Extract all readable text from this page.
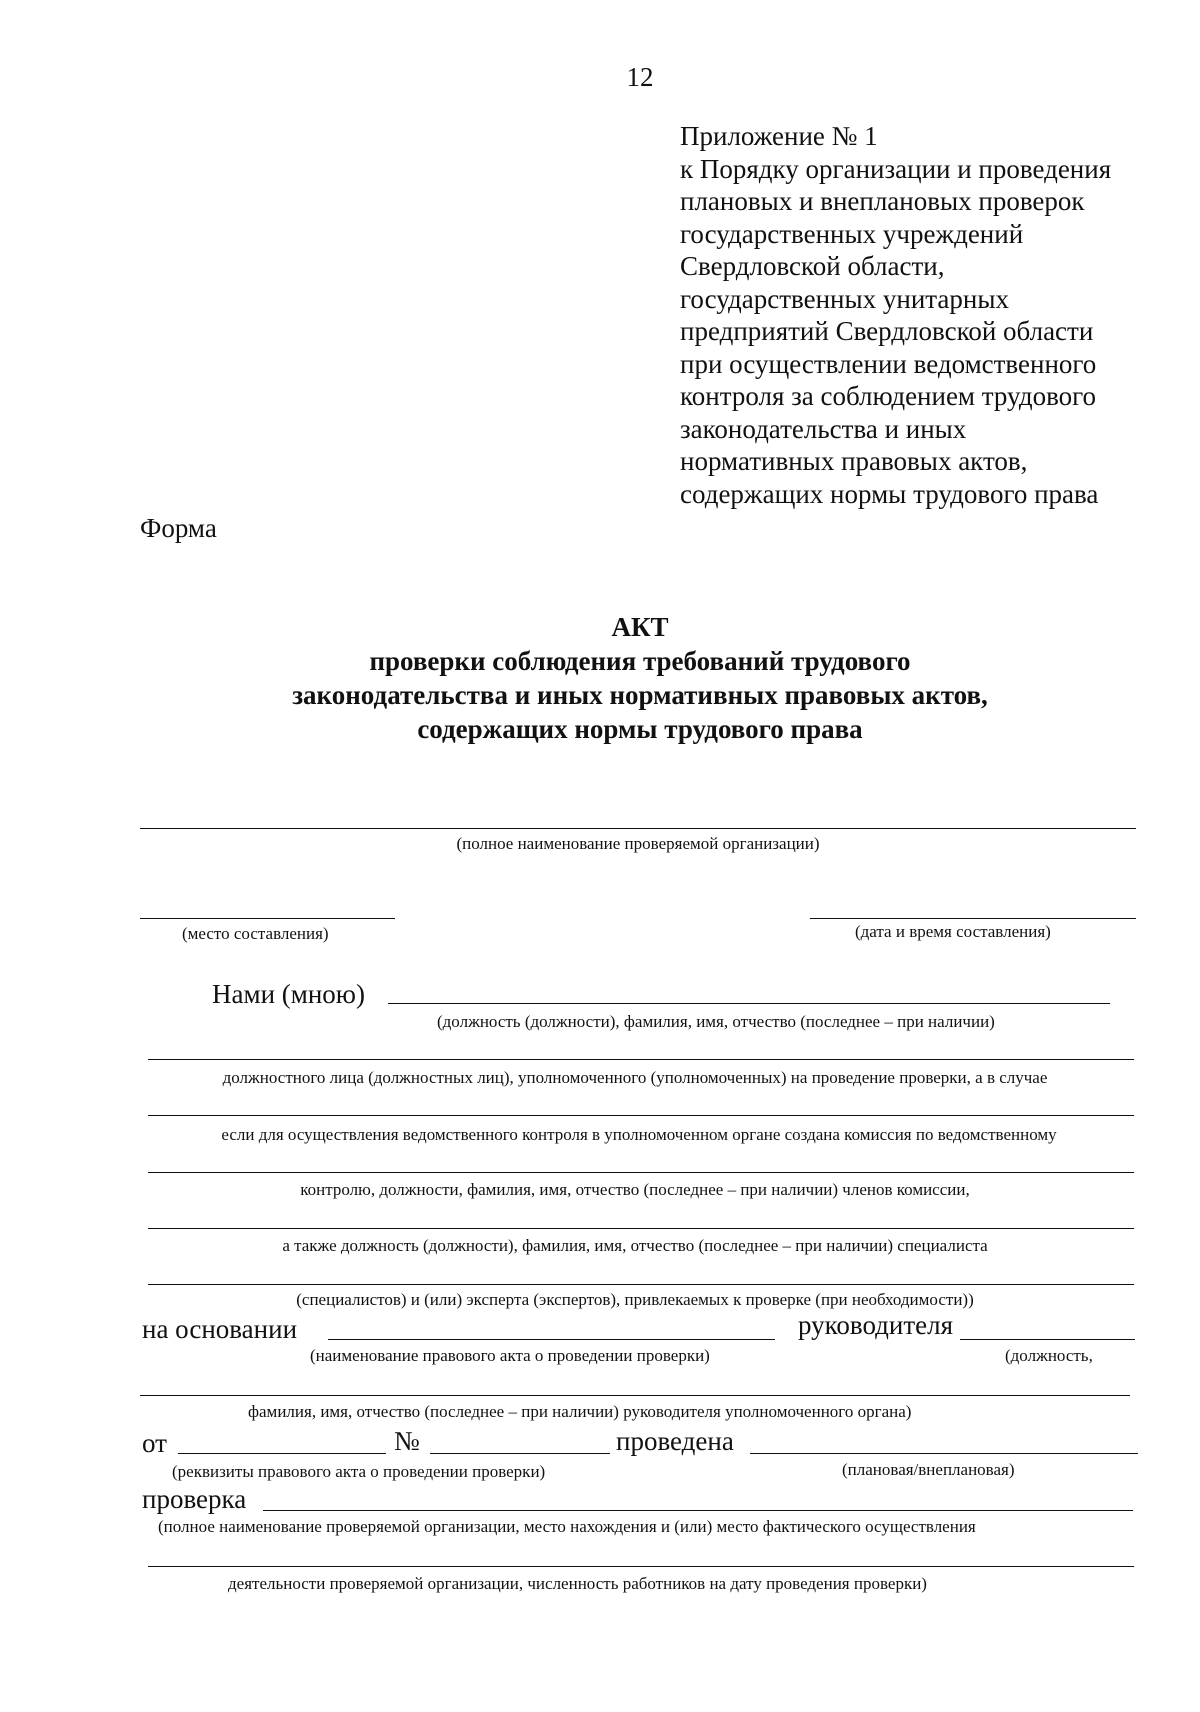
12
Приложение № 1
к Порядку организации и проведения
плановых и внеплановых проверок
государственных учреждений
Свердловской области,
государственных унитарных
предприятий Свердловской области
при осуществлении ведомственного
контроля за соблюдением трудового
законодательства и иных
нормативных правовых актов,
содержащих нормы трудового права
Форма
АКТ
проверки соблюдения требований трудового
законодательства и иных нормативных правовых актов,
содержащих нормы трудового права
(полное наименование проверяемой организации)
(место составления)	(дата и время составления)
Нами (мною)
(должность (должности), фамилия, имя, отчество (последнее – при наличии)
должностного лица (должностных лиц), уполномоченного (уполномоченных) на проведение проверки, а в случае
если для осуществления ведомственного контроля в уполномоченном органе создана комиссия по ведомственному
контролю, должности, фамилия, имя, отчество (последнее – при наличии) членов комиссии,
а также должность (должности), фамилия, имя, отчество (последнее – при наличии) специалиста
(специалистов) и (или) эксперта (экспертов), привлекаемых к проверке (при необходимости))
на основании	руководителя
(наименование правового акта о проведении проверки)	(должность,
фамилия, имя, отчество (последнее – при наличии) руководителя уполномоченного органа)
от	№	проведена
(реквизиты правового акта о проведении проверки)	(плановая/внеплановая)
проверка
(полное наименование проверяемой организации, место нахождения и (или) место фактического осуществления
деятельности проверяемой организации, численность работников на дату проведения проверки)
